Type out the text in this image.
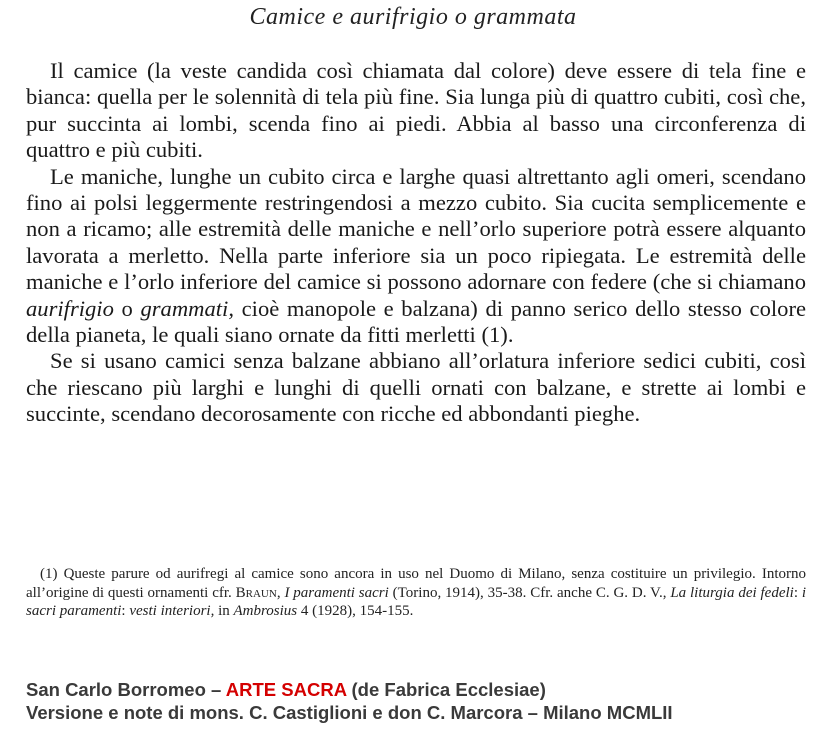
Camice e aurifrigio o grammata

Il camice (la veste candida così chiamata dal colore) deve essere di tela fine e bianca: quella per le solennità di tela più fine. Sia lunga più di quattro cubiti, così che, pur succinta ai lombi, scenda fino ai piedi. Abbia al basso una circonferenza di quattro e più cubiti.

Le maniche, lunghe un cubito circa e larghe quasi altrettanto agli omeri, scendano fino ai polsi leggermente restringendosi a mezzo cubito. Sia cucita semplicemente e non a ricamo; alle estremità delle maniche e nell’orlo superiore potrà essere alquanto lavorata a merletto. Nella parte inferiore sia un poco ripiegata. Le estremità delle maniche e l’orlo inferiore del camice si possono adornare con federe (che si chiamano aurifrigio o grammati, cioè manopole e balzana) di panno serico dello stesso colore della pianeta, le quali siano ornate da fitti merletti (1).

Se si usano camici senza balzane abbiano all’orlatura inferiore sedici cubiti, così che riescano più larghi e lunghi di quelli ornati con balzane, e strette ai lombi e succinte, scendano decorosamente con ricche ed abbondanti pieghe.

(1) Queste parure od aurifregi al camice sono ancora in uso nel Duomo di Milano, senza costituire un privilegio. Intorno all’origine di questi ornamenti cfr. Braun, I paramenti sacri (Torino, 1914), 35-38. Cfr. anche C. G. D. V., La liturgia dei fedeli: i sacri paramenti: vesti interiori, in Ambrosius 4 (1928), 154-155.
San Carlo Borromeo – ARTE SACRA (de Fabrica Ecclesiae)
Versione e note di mons. C. Castiglioni e don C. Marcora – Milano MCMLII
